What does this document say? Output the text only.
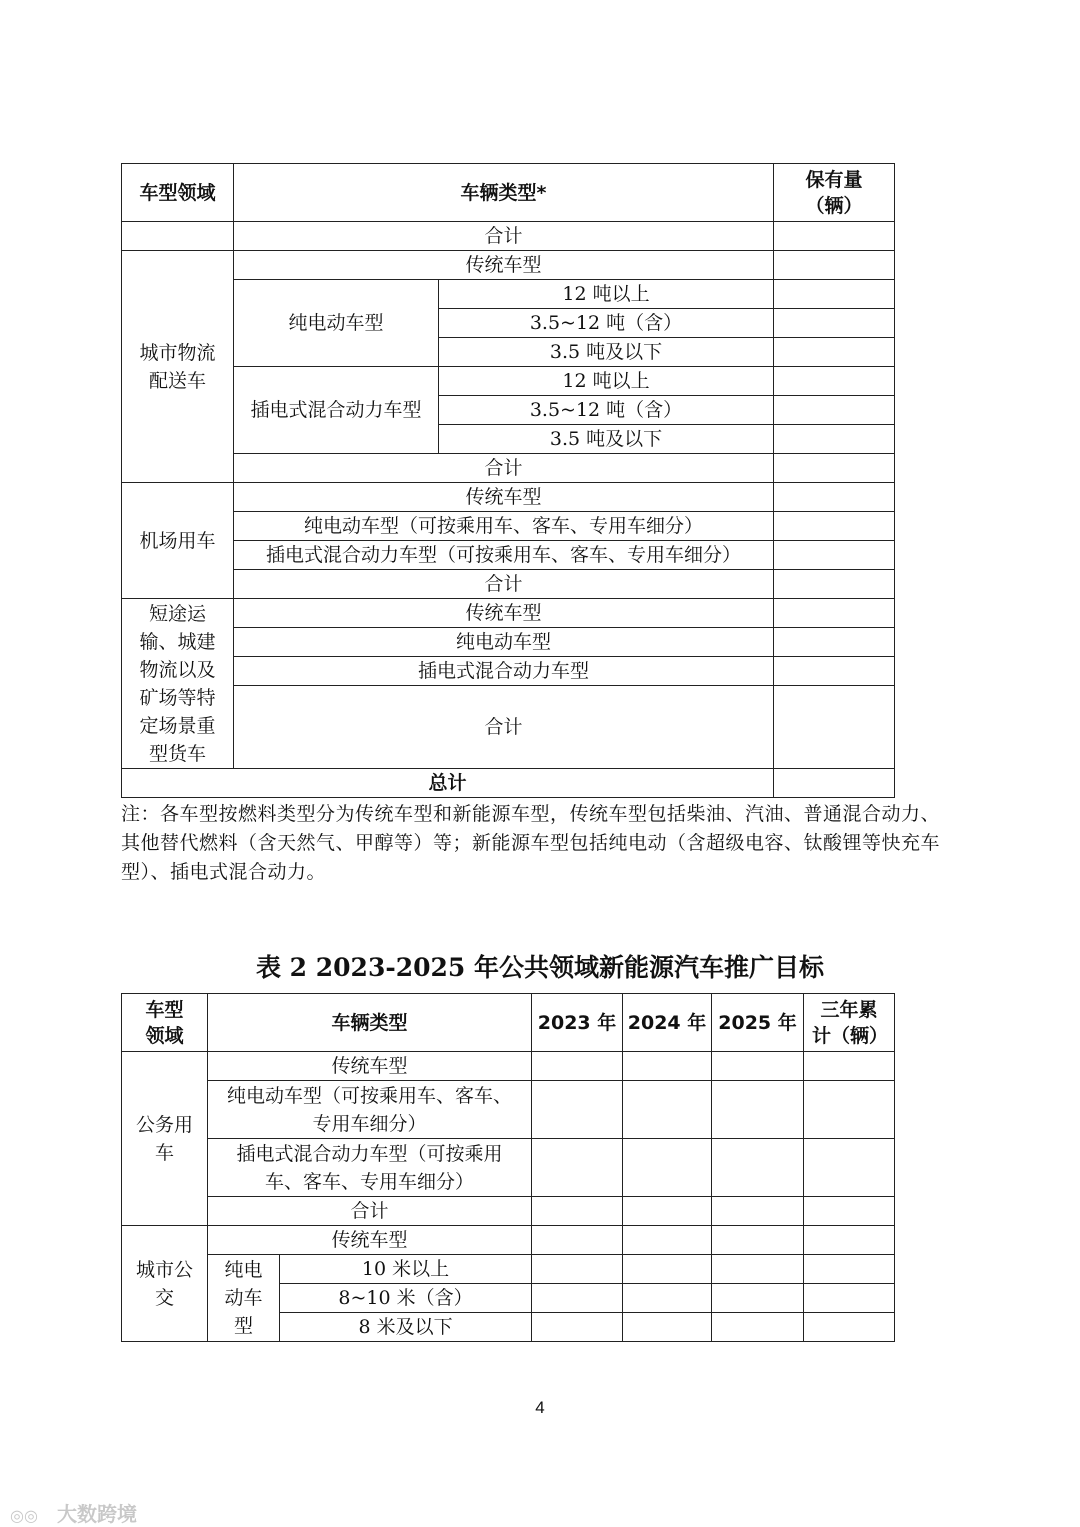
车型领域	车辆类型*		保有量（辆）
	合计		
城市物流配送车	传统车型		
	纯电动车型	12 吨以上	
		3.5~12 吨（含）	
		3.5 吨及以下	
	插电式混合动力车型	12 吨以上	
		3.5~12 吨（含）	
		3.5 吨及以下	
	合计		
机场用车	传统车型		
	纯电动车型（可按乘用车、客车、专用车细分）		
	插电式混合动力车型（可按乘用车、客车、专用车细分）		
	合计		
短途运输、城建物流以及矿场等特定场景重型货车	传统车型		
	纯电动车型		
	插电式混合动力车型		
	合计		
总计			
注：各车型按燃料类型分为传统车型和新能源车型，传统车型包括柴油、汽油、普通混合动力、其他替代燃料（含天然气、甲醇等）等；新能源车型包括纯电动（含超级电容、钛酸锂等快充车型）、插电式混合动力。
表 2 2023-2025 年公共领域新能源汽车推广目标
车型领域	车辆类型		2023 年	2024 年	2025 年	三年累计（辆）
公务用车	传统车型					
	纯电动车型（可按乘用车、客车、专用车细分）					
	插电式混合动力车型（可按乘用车、客车、专用车细分）					
	合计					
城市公交	传统车型					
	纯电动车型	10 米以上				
		8~10 米（含）				
		8 米及以下				
4
◎◎ 大数跨境
